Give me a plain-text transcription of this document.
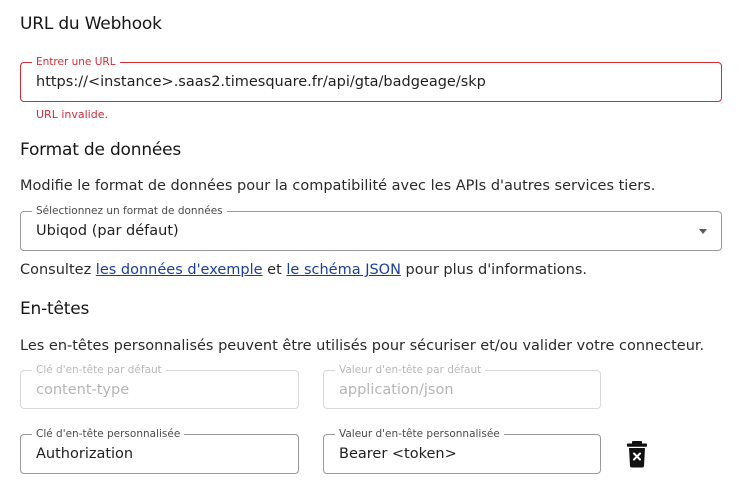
URL du Webhook
Entrer une URL
https://<instance>.saas2.timesquare.fr/api/gta/badgeage/skp
URL invalide.
Format de données

Modifie le format de données pour la compatibilité avec les APIs d'autres services tiers.

Sélectionnez un format de données
Ubiqod (par défaut)

Consultez les données d'exemple et le schéma JSON pour plus d'informations.

En-têtes

Les en-têtes personnalisés peuvent être utilisés pour sécuriser et/ou valider votre connecteur.

Clé d'en-tête par défaut
content-type
Valeur d'en-tête par défaut
application/json
Clé d'en-tête personnalisée
Authorization
Valeur d'en-tête personnalisée
Bearer <token>
